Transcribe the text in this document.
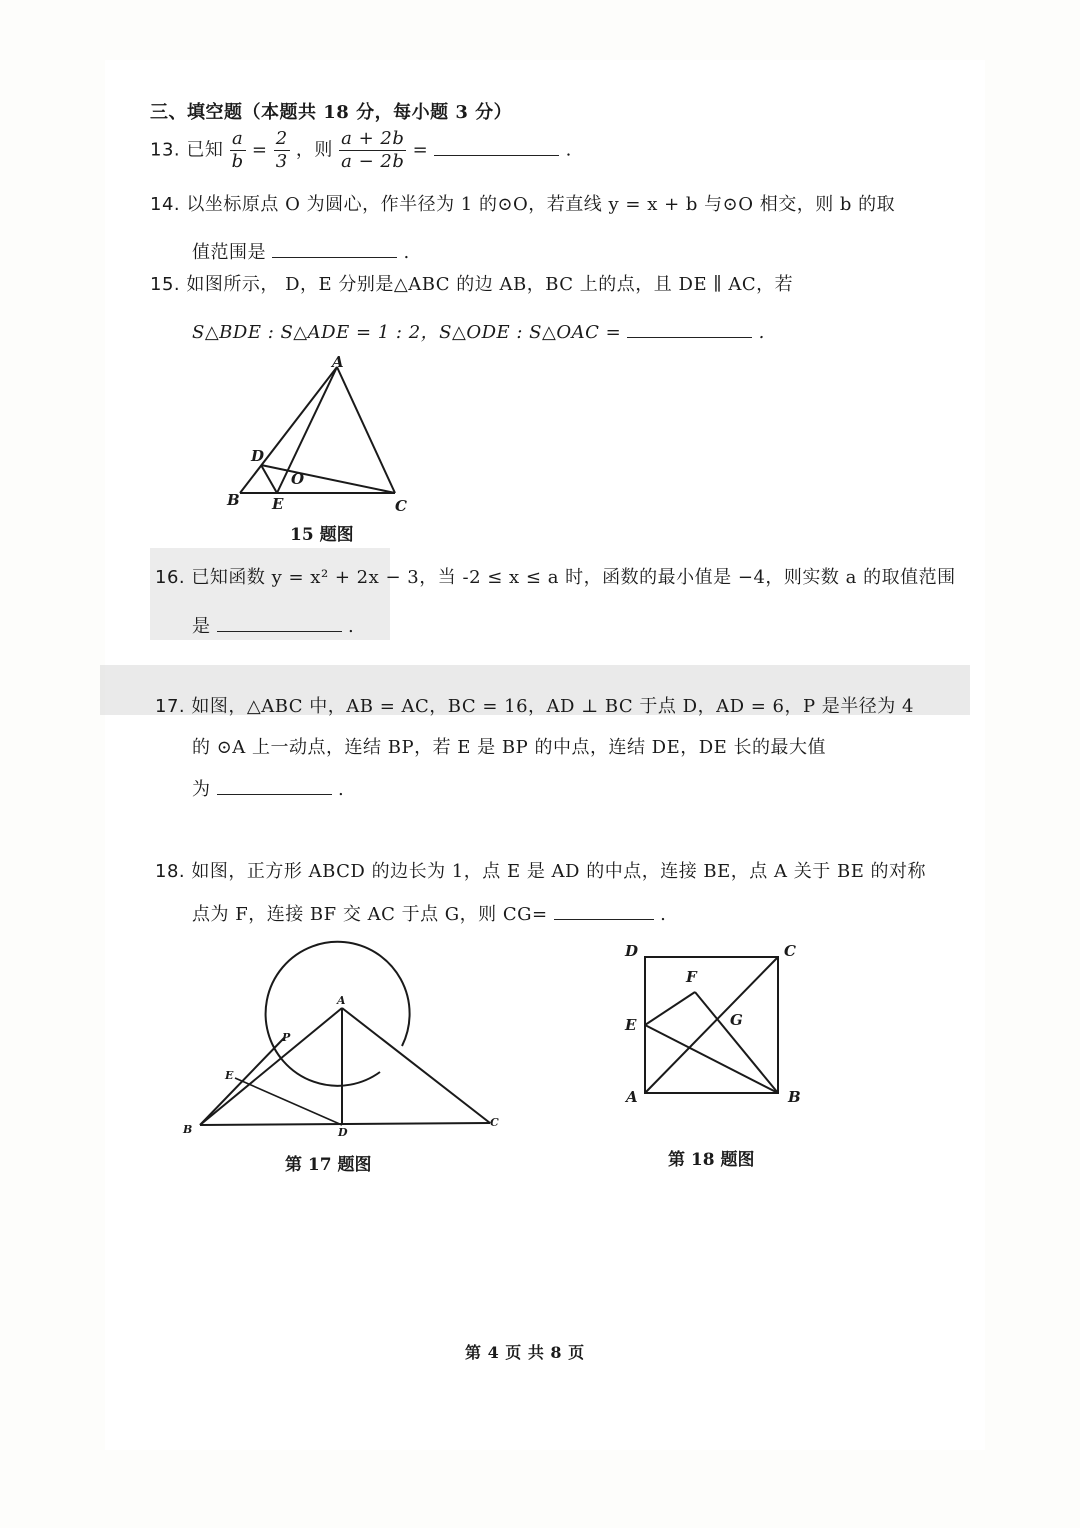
三、填空题（本题共 18 分，每小题 3 分）
13. 已知 $\frac{a}{b} = \frac{2}{3}$ ，则 $\frac{a + 2b}{a - 2b}$ =	.
14. 以坐标原点 O 为圆心，作半径为 1 的⊙O，若直线 y = x + b 与⊙O 相交，则 b 的取
值范围是	.
15. 如图所示， D，E 分别是△ABC 的边 AB，BC 上的点，且 DE ∥ AC，若
S△BDE : S△ADE = 1 : 2，S△ODE : S△OAC =	.
A
B	C
D
E
O
15 题图
16. 已知函数 y = x² + 2x − 3，当 -2 ≤ x ≤ a 时，函数的最小值是 −4，则实数 a 的取值范围
是	.
17. 如图，△ABC 中，AB = AC，BC = 16，AD ⊥ BC 于点 D，AD = 6，P 是半径为 4
的 ⊙A 上一动点，连结 BP，若 E 是 BP 的中点，连结 DE，DE 长的最大值
为	.
18. 如图，正方形 ABCD 的边长为 1，点 E 是 AD 的中点，连接 BE，点 A 关于 BE 的对称
点为 F，连接 BF 交 AC 于点 G，则 CG=	.
A
B
C
D
E
P
第 17 题图
A	B
C
D
E
F
G
第 18 题图
第 4 页 共 8 页
